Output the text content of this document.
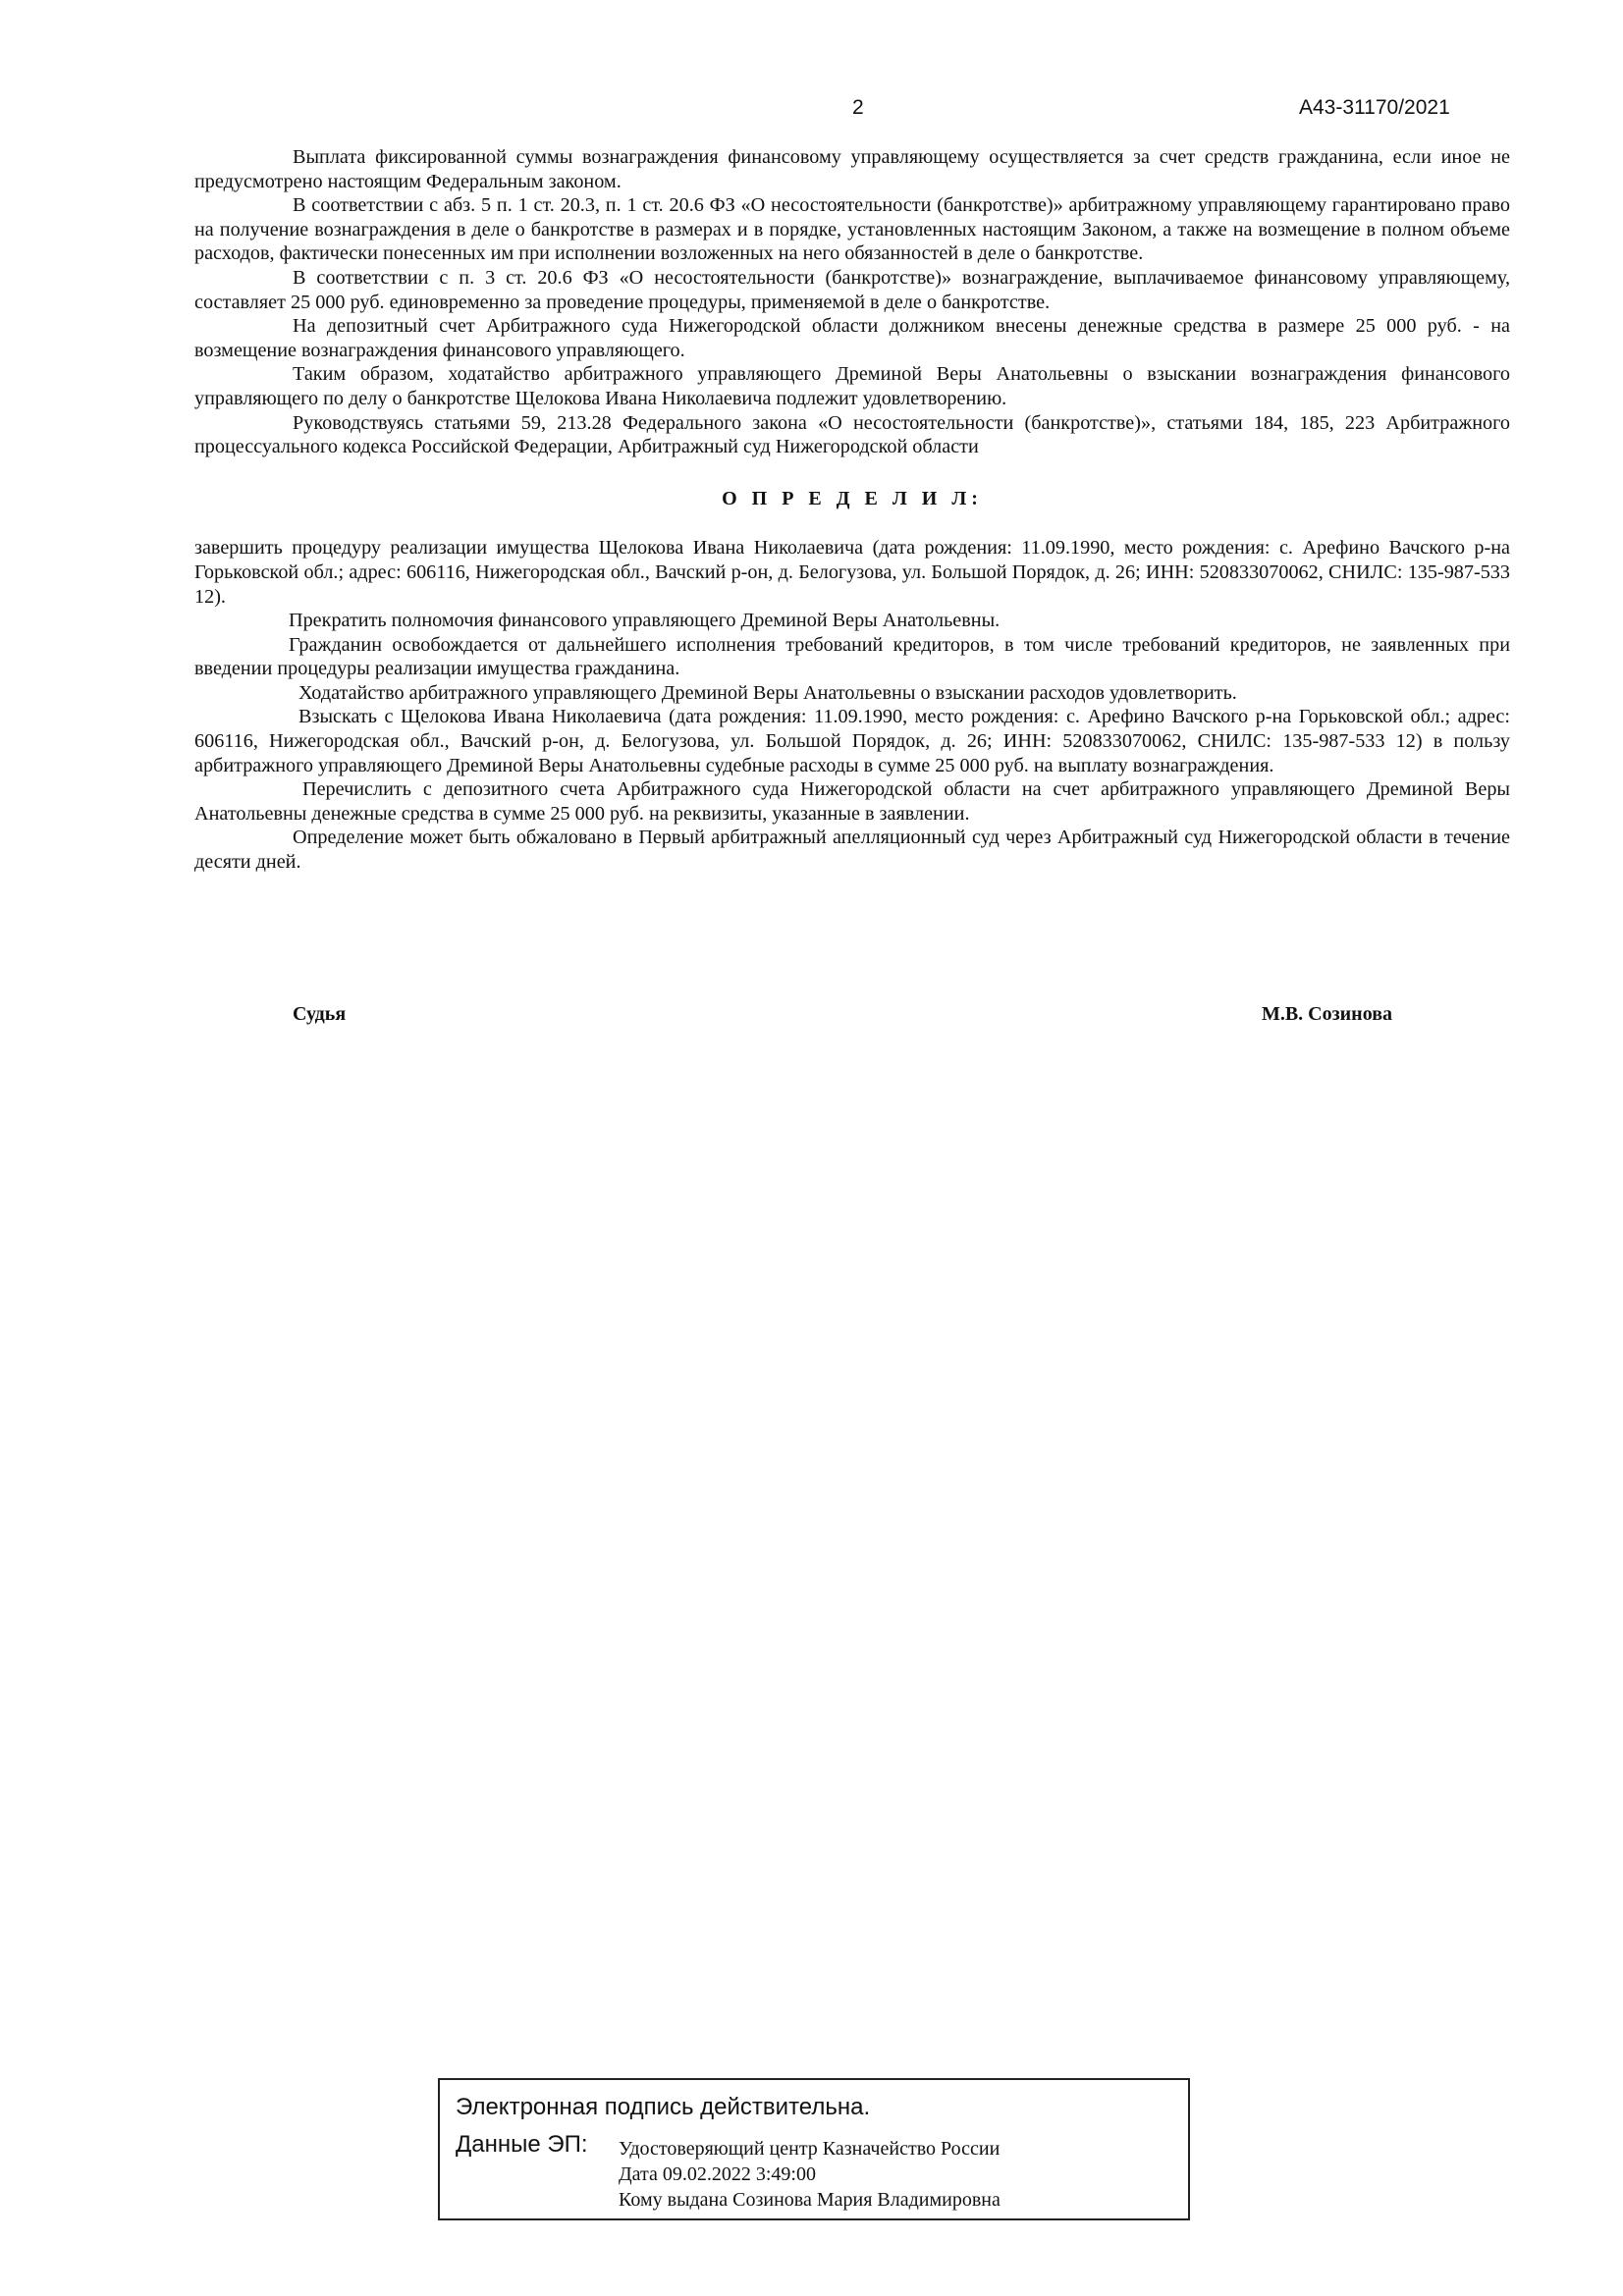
2	А43-31170/2021

Выплата фиксированной суммы вознаграждения финансовому управляющему осуществляется за счет средств гражданина, если иное не предусмотрено настоящим Федеральным законом.

В соответствии с абз. 5 п. 1 ст. 20.3, п. 1 ст. 20.6 ФЗ «О несостоятельности (банкротстве)» арбитражному управляющему гарантировано право на получение вознаграждения в деле о банкротстве в размерах и в порядке, установленных настоящим Законом, а также на возмещение в полном объеме расходов, фактически понесенных им при исполнении возложенных на него обязанностей в деле о банкротстве.

В соответствии с п. 3 ст. 20.6 ФЗ «О несостоятельности (банкротстве)» вознаграждение, выплачиваемое финансовому управляющему, составляет 25 000 руб. единовременно за проведение процедуры, применяемой в деле о банкротстве.

На депозитный счет Арбитражного суда Нижегородской области должником внесены денежные средства в размере 25 000 руб. - на возмещение вознаграждения финансового управляющего.

Таким образом, ходатайство арбитражного управляющего Дреминой Веры Анатольевны о взыскании вознаграждения финансового управляющего по делу о банкротстве Щелокова Ивана Николаевича подлежит удовлетворению.

Руководствуясь статьями 59, 213.28 Федерального закона «О несостоятельности (банкротстве)», статьями 184, 185, 223 Арбитражного процессуального кодекса Российской Федерации, Арбитражный суд Нижегородской области

О П Р Е Д Е Л И Л:

завершить процедуру реализации имущества Щелокова Ивана Николаевича (дата рождения: 11.09.1990, место рождения: с. Арефино Вачского р-на Горьковской обл.; адрес: 606116, Нижегородская обл., Вачский р-он, д. Белогузова, ул. Большой Порядок, д. 26; ИНН: 520833070062, СНИЛС: 135-987-533 12).

Прекратить полномочия финансового управляющего Дреминой Веры Анатольевны.

Гражданин освобождается от дальнейшего исполнения требований кредиторов, в том числе требований кредиторов, не заявленных при введении процедуры реализации имущества гражданина.

Ходатайство арбитражного управляющего Дреминой Веры Анатольевны о взыскании расходов удовлетворить.

Взыскать с Щелокова Ивана Николаевича (дата рождения: 11.09.1990, место рождения: с. Арефино Вачского р-на Горьковской обл.; адрес: 606116, Нижегородская обл., Вачский р-он, д. Белогузова, ул. Большой Порядок, д. 26; ИНН: 520833070062, СНИЛС: 135-987-533 12) в пользу арбитражного управляющего Дреминой Веры Анатольевны судебные расходы в сумме 25 000 руб. на выплату вознаграждения.

Перечислить с депозитного счета Арбитражного суда Нижегородской области на счет арбитражного управляющего Дреминой Веры Анатольевны денежные средства в сумме 25 000 руб. на реквизиты, указанные в заявлении.

Определение может быть обжаловано в Первый арбитражный апелляционный суд через Арбитражный суд Нижегородской области в течение десяти дней.

Судья	М.В. Созинова
Электронная подпись действительна.
Данные ЭП: Удостоверяющий центр Казначейство России
Дата 09.02.2022 3:49:00
Кому выдана Созинова Мария Владимировна
